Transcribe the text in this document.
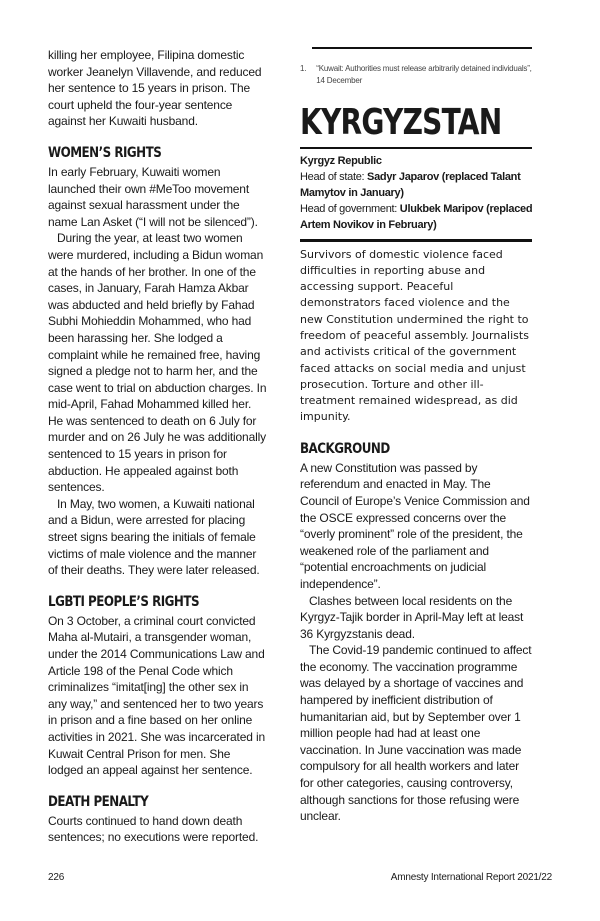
killing her employee, Filipina domestic worker Jeanelyn Villavende, and reduced her sentence to 15 years in prison. The court upheld the four-year sentence against her Kuwaiti husband.

WOMEN’S RIGHTS

In early February, Kuwaiti women launched their own #MeToo movement against sexual harassment under the name Lan Asket (“I will not be silenced”).

During the year, at least two women were murdered, including a Bidun woman at the hands of her brother. In one of the cases, in January, Farah Hamza Akbar was abducted and held briefly by Fahad Subhi Mohieddin Mohammed, who had been harassing her. She lodged a complaint while he remained free, having signed a pledge not to harm her, and the case went to trial on abduction charges. In mid-April, Fahad Mohammed killed her. He was sentenced to death on 6 July for murder and on 26 July he was additionally sentenced to 15 years in prison for abduction. He appealed against both sentences.

In May, two women, a Kuwaiti national and a Bidun, were arrested for placing street signs bearing the initials of female victims of male violence and the manner of their deaths. They were later released.

LGBTI PEOPLE’S RIGHTS

On 3 October, a criminal court convicted Maha al-Mutairi, a transgender woman, under the 2014 Communications Law and Article 198 of the Penal Code which criminalizes “imitat[ing] the other sex in any way,” and sentenced her to two years in prison and a fine based on her online activities in 2021. She was incarcerated in Kuwait Central Prison for men. She lodged an appeal against her sentence.

DEATH PENALTY

Courts continued to hand down death sentences; no executions were reported.

1. “Kuwait: Authorities must release arbitrarily detained individuals”, 14 December
KYRGYZSTAN
Kyrgyz Republic
Head of state: Sadyr Japarov (replaced Talant Mamytov in January)
Head of government: Ulukbek Maripov (replaced Artem Novikov in February)
Survivors of domestic violence faced difficulties in reporting abuse and accessing support. Peaceful demonstrators faced violence and the new Constitution undermined the right to freedom of peaceful assembly. Journalists and activists critical of the government faced attacks on social media and unjust prosecution. Torture and other ill-treatment remained widespread, as did impunity.
BACKGROUND

A new Constitution was passed by referendum and enacted in May. The Council of Europe’s Venice Commission and the OSCE expressed concerns over the “overly prominent” role of the president, the weakened role of the parliament and “potential encroachments on judicial independence”.

Clashes between local residents on the Kyrgyz-Tajik border in April-May left at least 36 Kyrgyzstanis dead.

The Covid-19 pandemic continued to affect the economy. The vaccination programme was delayed by a shortage of vaccines and hampered by inefficient distribution of humanitarian aid, but by September over 1 million people had had at least one vaccination. In June vaccination was made compulsory for all health workers and later for other categories, causing controversy, although sanctions for those refusing were unclear.

226	Amnesty International Report 2021/22
